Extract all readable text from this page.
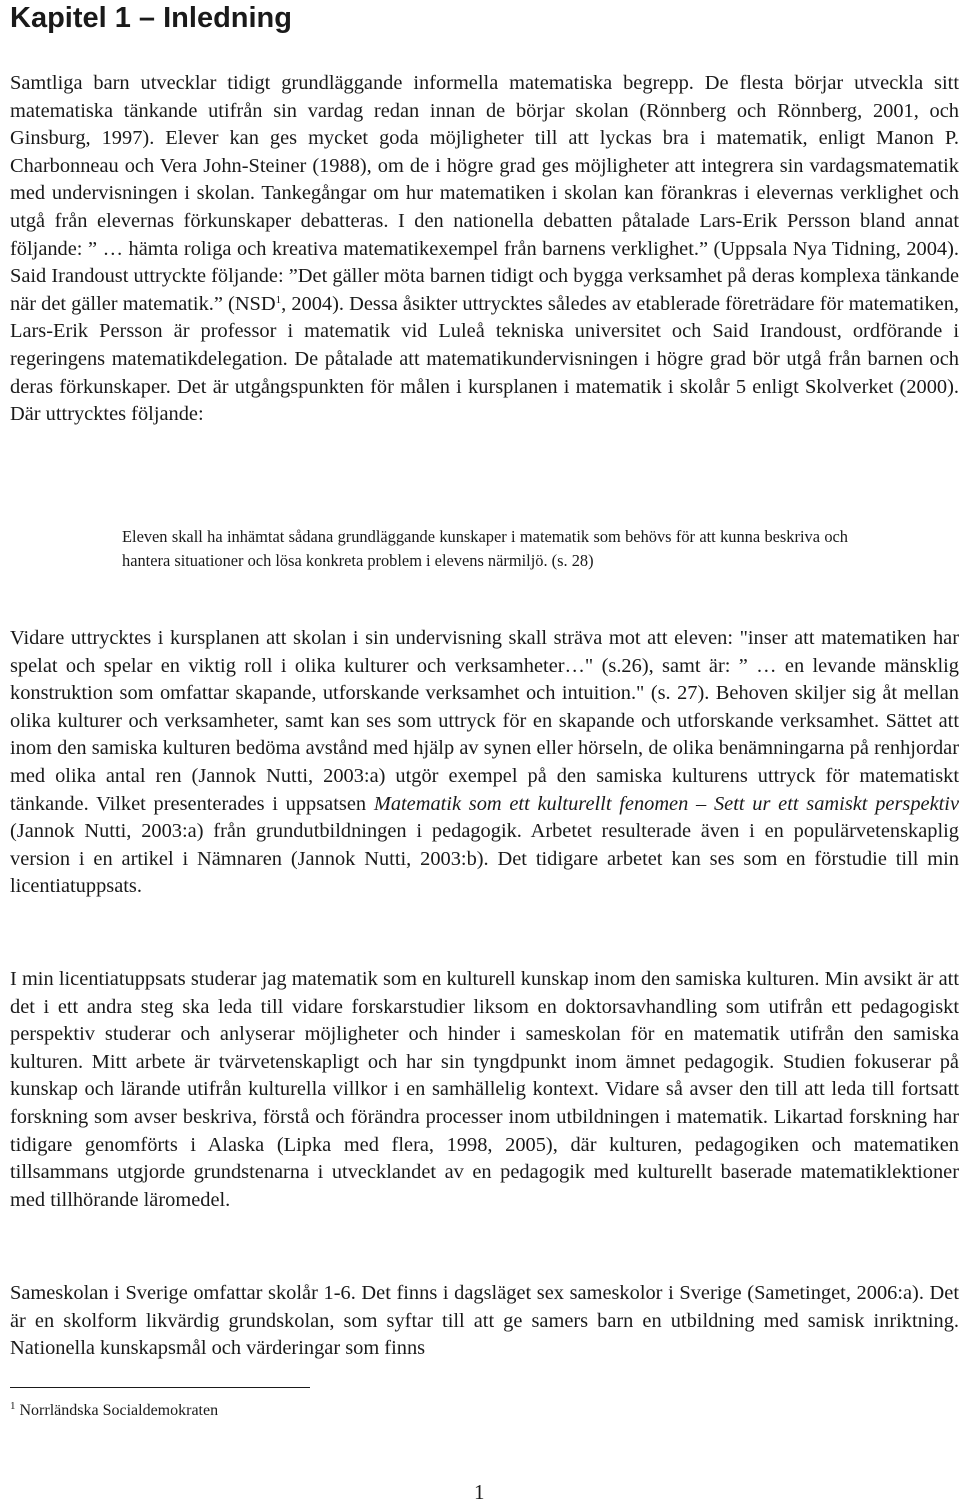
Kapitel 1 – Inledning

Samtliga barn utvecklar tidigt grundläggande informella matematiska begrepp. De flesta börjar utveckla sitt matematiska tänkande utifrån sin vardag redan innan de börjar skolan (Rönnberg och Rönnberg, 2001, och Ginsburg, 1997). Elever kan ges mycket goda möjligheter till att lyckas bra i matematik, enligt Manon P. Charbonneau och Vera John-Steiner (1988), om de i högre grad ges möjligheter att integrera sin vardagsmatematik med undervisningen i skolan. Tankegångar om hur matematiken i skolan kan förankras i elevernas verklighet och utgå från elevernas förkunskaper debatteras. I den nationella debatten påtalade Lars-Erik Persson bland annat följande: ” … hämta roliga och kreativa matematikexempel från barnens verklighet.” (Uppsala Nya Tidning, 2004). Said Irandoust uttryckte följande: ”Det gäller möta barnen tidigt och bygga verksamhet på deras komplexa tänkande när det gäller matematik.” (NSD$^1$, 2004). Dessa åsikter uttrycktes således av etablerade företrädare för matematiken, Lars-Erik Persson är professor i matematik vid Luleå tekniska universitet och Said Irandoust, ordförande i regeringens matematikdelegation. De påtalade att matematikundervisningen i högre grad bör utgå från barnen och deras förkunskaper. Det är utgångspunkten för målen i kursplanen i matematik i skolår 5 enligt Skolverket (2000). Där uttrycktes följande:

Eleven skall ha inhämtat sådana grundläggande kunskaper i matematik som behövs för att kunna beskriva och hantera situationer och lösa konkreta problem i elevens närmiljö. (s. 28)

Vidare uttrycktes i kursplanen att skolan i sin undervisning skall sträva mot att eleven: "inser att matematiken har spelat och spelar en viktig roll i olika kulturer och verksamheter…" (s.26), samt är: ” … en levande mänsklig konstruktion som omfattar skapande, utforskande verksamhet och intuition." (s. 27). Behoven skiljer sig åt mellan olika kulturer och verksamheter, samt kan ses som uttryck för en skapande och utforskande verksamhet. Sättet att inom den samiska kulturen bedöma avstånd med hjälp av synen eller hörseln, de olika benämningarna på renhjordar med olika antal ren (Jannok Nutti, 2003:a) utgör exempel på den samiska kulturens uttryck för matematiskt tänkande. Vilket presenterades i uppsatsen Matematik som ett kulturellt fenomen – Sett ur ett samiskt perspektiv (Jannok Nutti, 2003:a) från grundutbildningen i pedagogik. Arbetet resulterade även i en populärvetenskaplig version i en artikel i Nämnaren (Jannok Nutti, 2003:b). Det tidigare arbetet kan ses som en förstudie till min licentiatuppsats.

I min licentiatuppsats studerar jag matematik som en kulturell kunskap inom den samiska kulturen. Min avsikt är att det i ett andra steg ska leda till vidare forskarstudier liksom en doktorsavhandling som utifrån ett pedagogiskt perspektiv studerar och anlyserar möjligheter och hinder i sameskolan för en matematik utifrån den samiska kulturen. Mitt arbete är tvärvetenskapligt och har sin tyngdpunkt inom ämnet pedagogik. Studien fokuserar på kunskap och lärande utifrån kulturella villkor i en samhällelig kontext. Vidare så avser den till att leda till fortsatt forskning som avser beskriva, förstå och förändra processer inom utbildningen i matematik. Likartad forskning har tidigare genomförts i Alaska (Lipka med flera, 1998, 2005), där kulturen, pedagogiken och matematiken tillsammans utgjorde grundstenarna i utvecklandet av en pedagogik med kulturellt baserade matematiklektioner med tillhörande läromedel.

Sameskolan i Sverige omfattar skolår 1-6. Det finns i dagsläget sex sameskolor i Sverige (Sametinget, 2006:a). Det är en skolform likvärdig grundskolan, som syftar till att ge samers barn en utbildning med samisk inriktning. Nationella kunskapsmål och värderingar som finns

$^1$ Norrländska Socialdemokraten

1
